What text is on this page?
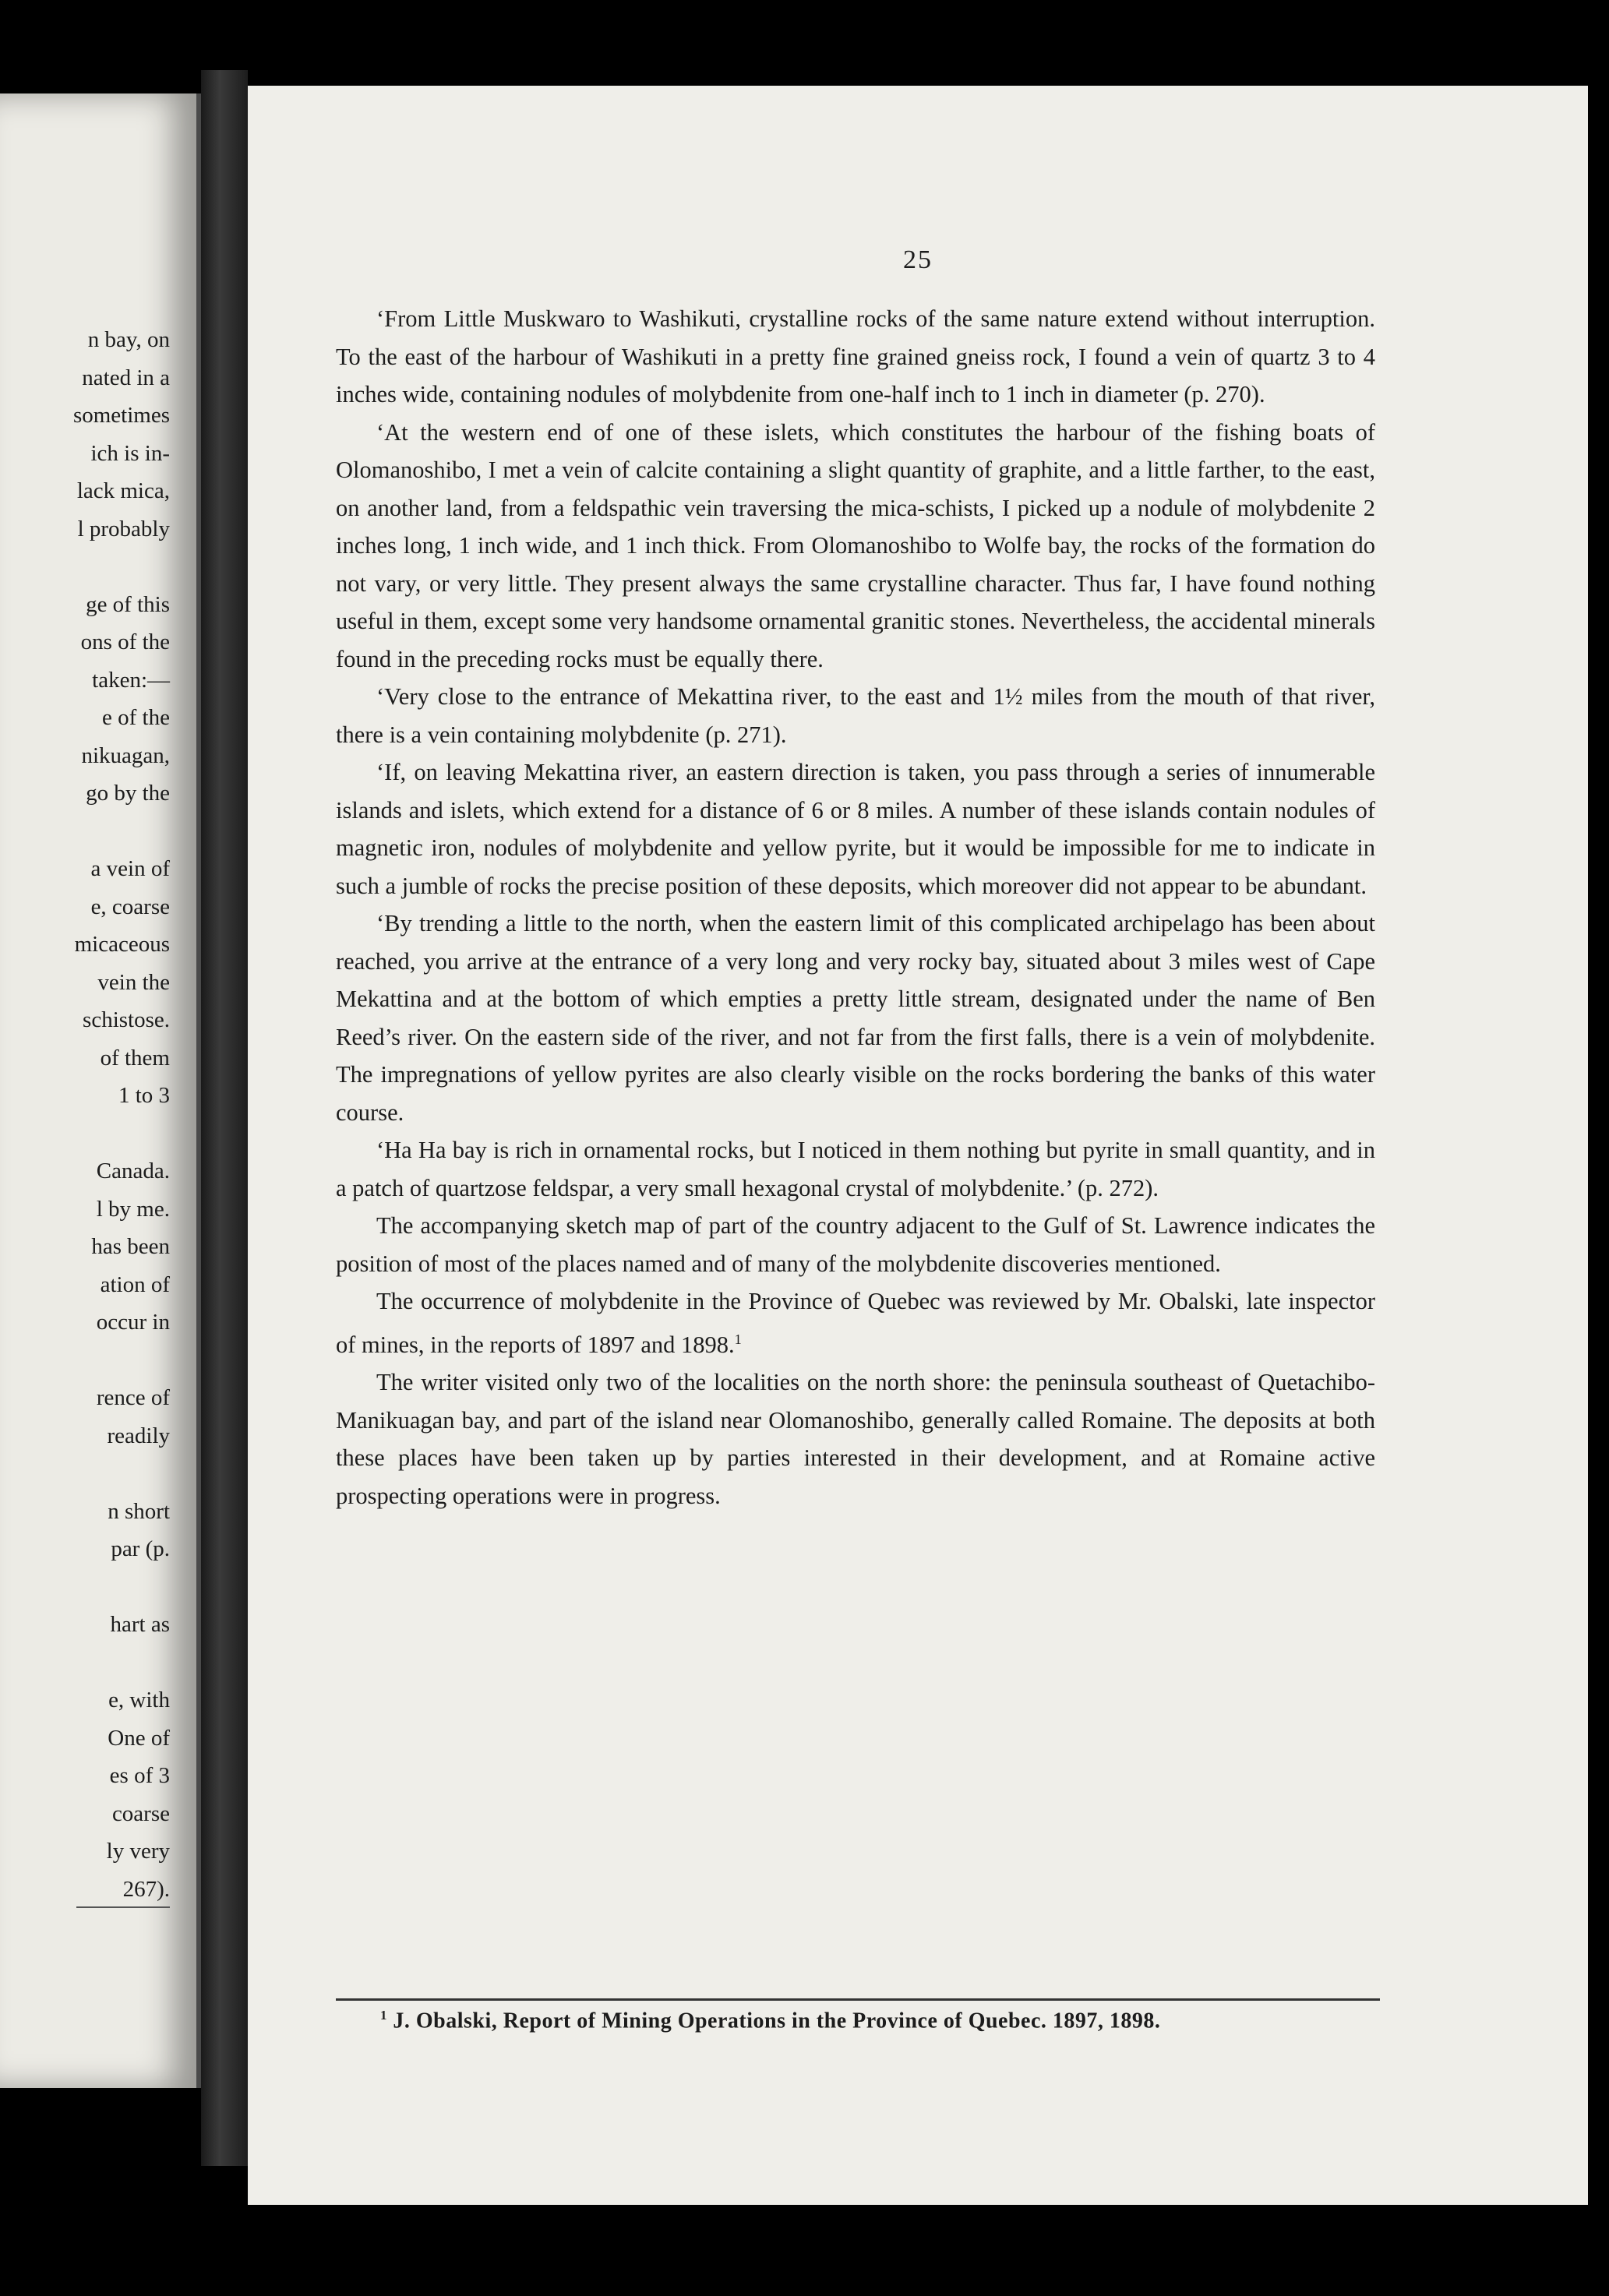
n bay, on
nated in a
sometimes
ich is in-
lack mica,
l probably
ge of this
ons of the
taken:—
e of the
nikuagan,
go by the
a vein of
e, coarse
micaceous
vein the
schistose.
of them
1 to 3
Canada.
l by me.
has been
ation of
occur in
rence of
readily
n short
par (p.
hart as
e, with
One of
es of 3
coarse
ly very
267).
25

‘From Little Muskwaro to Washikuti, crystalline rocks of the same nature extend without interruption. To the east of the harbour of Washikuti in a pretty fine grained gneiss rock, I found a vein of quartz 3 to 4 inches wide, containing nodules of molybdenite from one-half inch to 1 inch in diameter (p. 270).

‘At the western end of one of these islets, which constitutes the harbour of the fishing boats of Olomanoshibo, I met a vein of calcite containing a slight quantity of graphite, and a little farther, to the east, on another land, from a feldspathic vein traversing the mica-schists, I picked up a nodule of molybdenite 2 inches long, 1 inch wide, and 1 inch thick. From Olomanoshibo to Wolfe bay, the rocks of the formation do not vary, or very little. They present always the same crystalline character. Thus far, I have found nothing useful in them, except some very handsome ornamental granitic stones. Nevertheless, the accidental minerals found in the preceding rocks must be equally there.

‘Very close to the entrance of Mekattina river, to the east and 1½ miles from the mouth of that river, there is a vein containing molybdenite (p. 271).

‘If, on leaving Mekattina river, an eastern direction is taken, you pass through a series of innumerable islands and islets, which extend for a distance of 6 or 8 miles. A number of these islands contain nodules of magnetic iron, nodules of molybdenite and yellow pyrite, but it would be impossible for me to indicate in such a jumble of rocks the precise position of these deposits, which moreover did not appear to be abundant.

‘By trending a little to the north, when the eastern limit of this complicated archipelago has been about reached, you arrive at the entrance of a very long and very rocky bay, situated about 3 miles west of Cape Mekattina and at the bottom of which empties a pretty little stream, designated under the name of Ben Reed’s river. On the eastern side of the river, and not far from the first falls, there is a vein of molybdenite. The impregnations of yellow pyrites are also clearly visible on the rocks bordering the banks of this water course.

‘Ha Ha bay is rich in ornamental rocks, but I noticed in them nothing but pyrite in small quantity, and in a patch of quartzose feldspar, a very small hexagonal crystal of molybdenite.’ (p. 272).

The accompanying sketch map of part of the country adjacent to the Gulf of St. Lawrence indicates the position of most of the places named and of many of the molybdenite discoveries mentioned.

The occurrence of molybdenite in the Province of Quebec was reviewed by Mr. Obalski, late inspector of mines, in the reports of 1897 and 1898.$^1$

The writer visited only two of the localities on the north shore: the peninsula southeast of Quetachibo-Manikuagan bay, and part of the island near Olomanoshibo, generally called Romaine. The deposits at both these places have been taken up by parties interested in their development, and at Romaine active prospecting operations were in progress.

$^1$ J. Obalski, Report of Mining Operations in the Province of Quebec. 1897, 1898.
